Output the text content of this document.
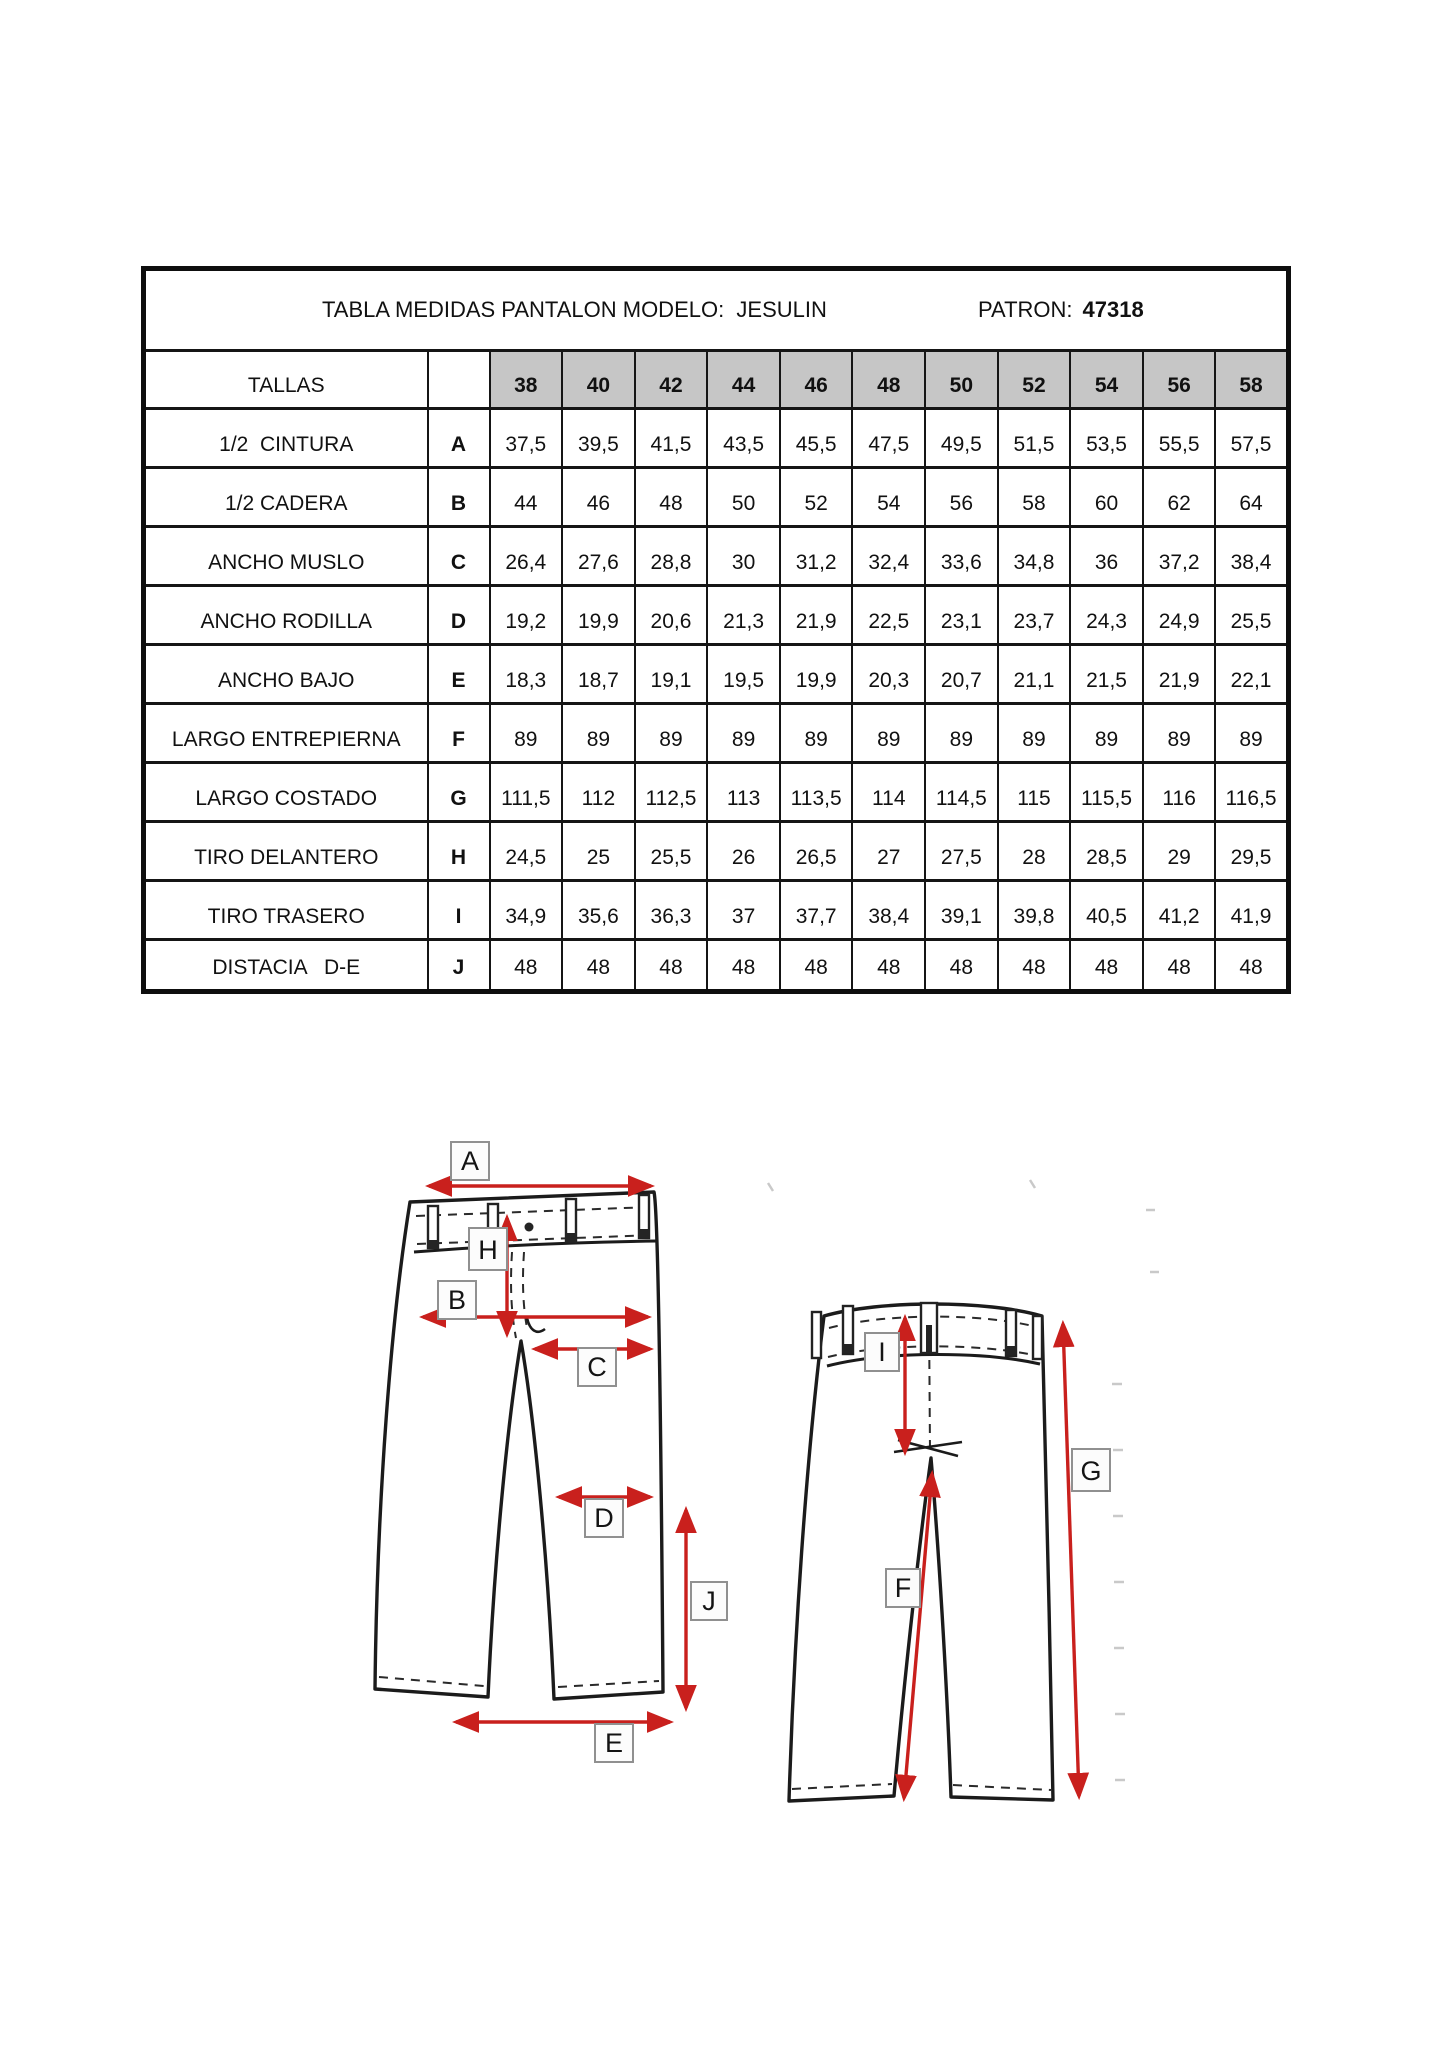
TABLA MEDIDAS PANTALON MODELO:  JESULIN PATRON: 47318												

TALLAS		38	40	42	44	46	48	50	52	54	56	58
1/2  CINTURA	A	37,5	39,5	41,5	43,5	45,5	47,5	49,5	51,5	53,5	55,5	57,5
1/2 CADERA	B	44	46	48	50	52	54	56	58	60	62	64
ANCHO MUSLO	C	26,4	27,6	28,8	30	31,2	32,4	33,6	34,8	36	37,2	38,4
ANCHO RODILLA	D	19,2	19,9	20,6	21,3	21,9	22,5	23,1	23,7	24,3	24,9	25,5
ANCHO BAJO	E	18,3	18,7	19,1	19,5	19,9	20,3	20,7	21,1	21,5	21,9	22,1
LARGO ENTREPIERNA	F	89	89	89	89	89	89	89	89	89	89	89
LARGO COSTADO	G	111,5	112	112,5	113	113,5	114	114,5	115	115,5	116	116,5
TIRO DELANTERO	H	24,5	25	25,5	26	26,5	27	27,5	28	28,5	29	29,5
TIRO TRASERO	I	34,9	35,6	36,3	37	37,7	38,4	39,1	39,8	40,5	41,2	41,9
DISTACIA   D-E	J	48	48	48	48	48	48	48	48	48	48	48
A
H
B
C
D
J
E
I
G
F
